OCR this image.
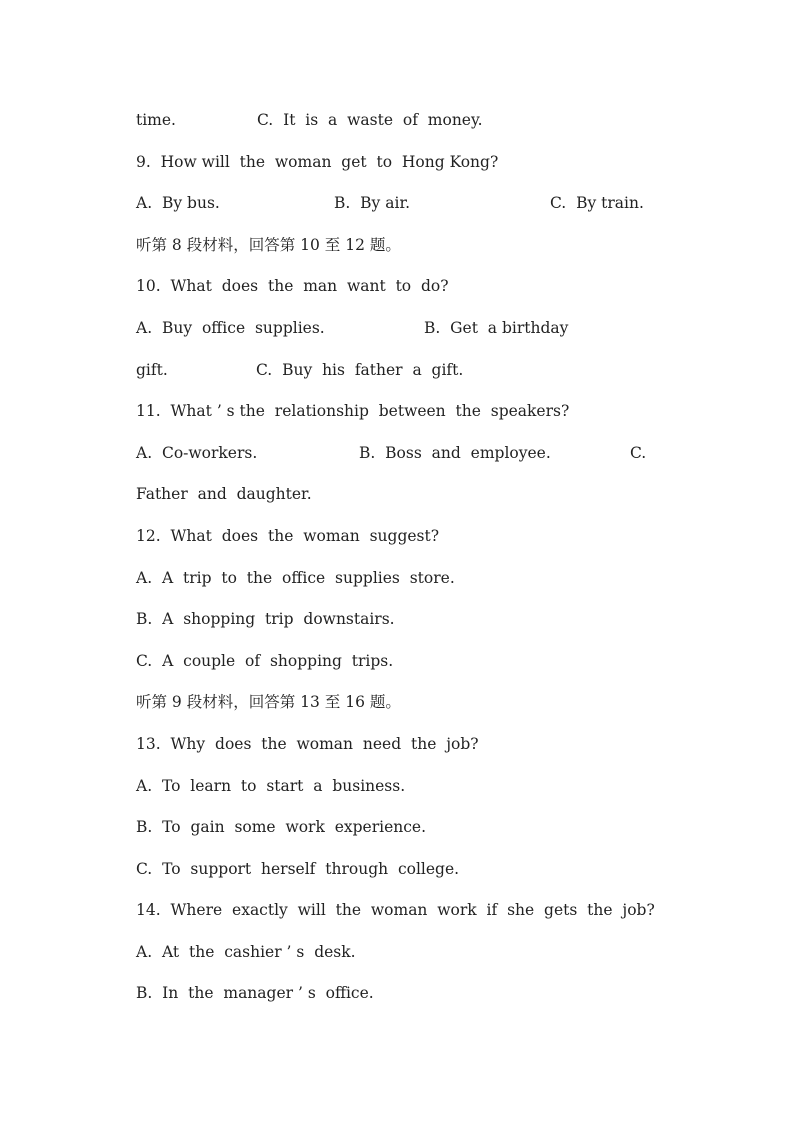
time.

	C.  It  is  a  waste  of  money.

9.  How will  the  woman  get  to  Hong Kong?

A.  By bus.

	B.  By air.

	C.  By train.

听第 8 段材料，回答第 10 至 12 题。

10.  What  does  the  man  want  to  do?

A.  Buy  office  supplies.

	B.  Get  a birthday

gift.

	C.  Buy  his  father  a  gift.

11.  What ’ s the  relationship  between  the  speakers?

A.  Co-workers.

	B.  Boss  and  employee.

	C.

Father  and  daughter.

12.  What  does  the  woman  suggest?

A.  A  trip  to  the  office  supplies  store.

B.  A  shopping  trip  downstairs.

C.  A  couple  of  shopping  trips.

听第 9 段材料，回答第 13 至 16 题。

13.  Why  does  the  woman  need  the  job?

A.  To  learn  to  start  a  business.

B.  To  gain  some  work  experience.

C.  To  support  herself  through  college.

14.  Where  exactly  will  the  woman  work  if  she  gets  the  job?

A.  At  the  cashier ’ s  desk.

B.  In  the  manager ’ s  office.
